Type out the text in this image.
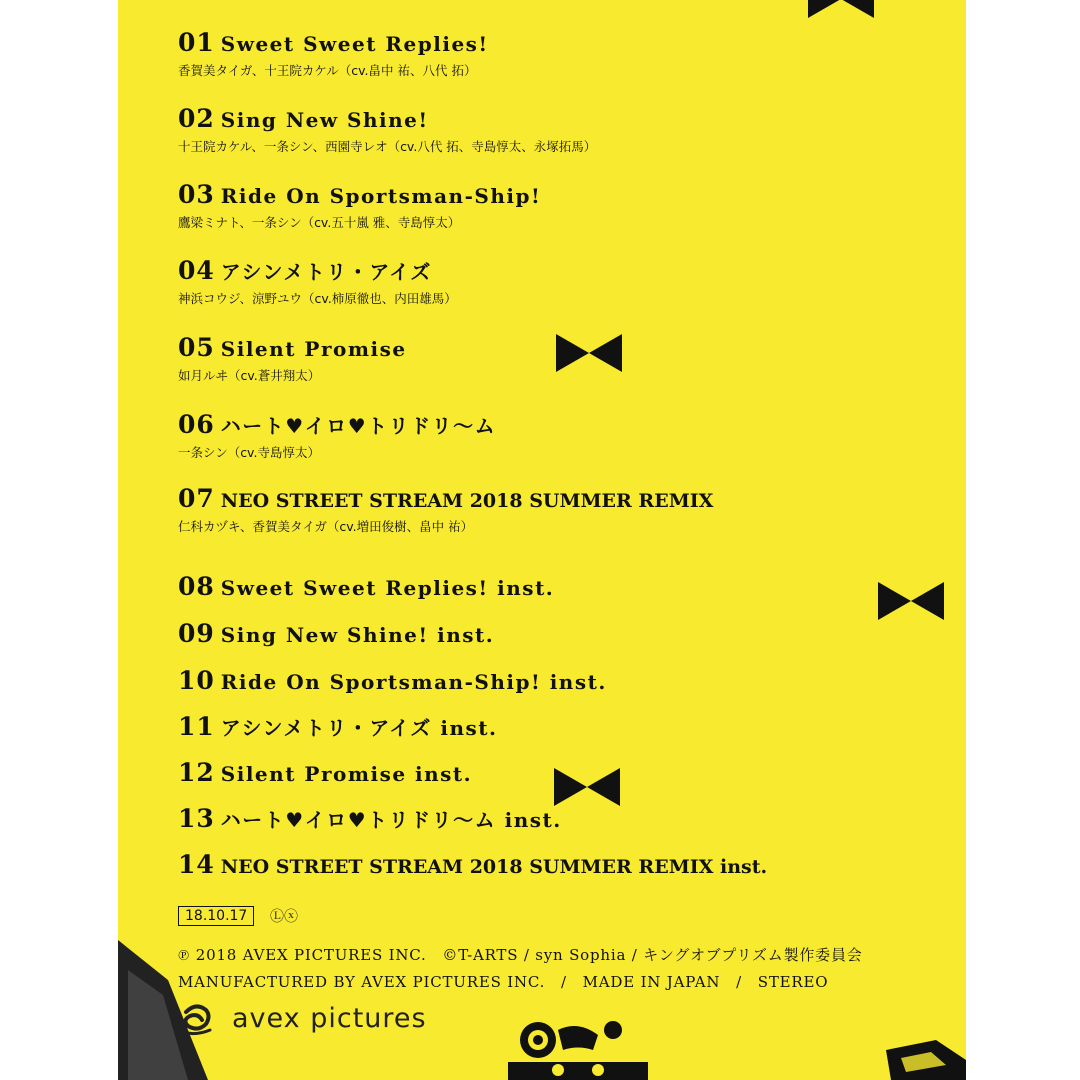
01 Sweet Sweet Replies!
香賀美タイガ、十王院カケル（cv.畠中 祐、八代 拓）
02 Sing New Shine!
十王院カケル、一条シン、西園寺レオ（cv.八代 拓、寺島惇太、永塚拓馬）
03 Ride On Sportsman-Ship!
鷹梁ミナト、一条シン（cv.五十嵐 雅、寺島惇太）
04 アシンメトリ・アイズ
神浜コウジ、涼野ユウ（cv.柿原徹也、内田雄馬）
05 Silent Promise
如月ルヰ（cv.蒼井翔太）
06 ハート♥イロ♥トリドリ〜ム
一条シン（cv.寺島惇太）
07 NEO STREET STREAM 2018 SUMMER REMIX
仁科カヅキ、香賀美タイガ（cv.増田俊樹、畠中 祐）
08 Sweet Sweet Replies! inst.
09 Sing New Shine! inst.
10 Ride On Sportsman-Ship! inst.
11 アシンメトリ・アイズ inst.
12 Silent Promise inst.
13 ハート♥イロ♥トリドリ〜ム inst.
14 NEO STREET STREAM 2018 SUMMER REMIX inst.
18.10.17	Ⓛⓧ
℗ 2018 AVEX PICTURES INC.　©T-ARTS / syn Sophia / キングオブプリズム製作委員会
MANUFACTURED BY AVEX PICTURES INC.　/　MADE IN JAPAN　/　STEREO
avex pictures
